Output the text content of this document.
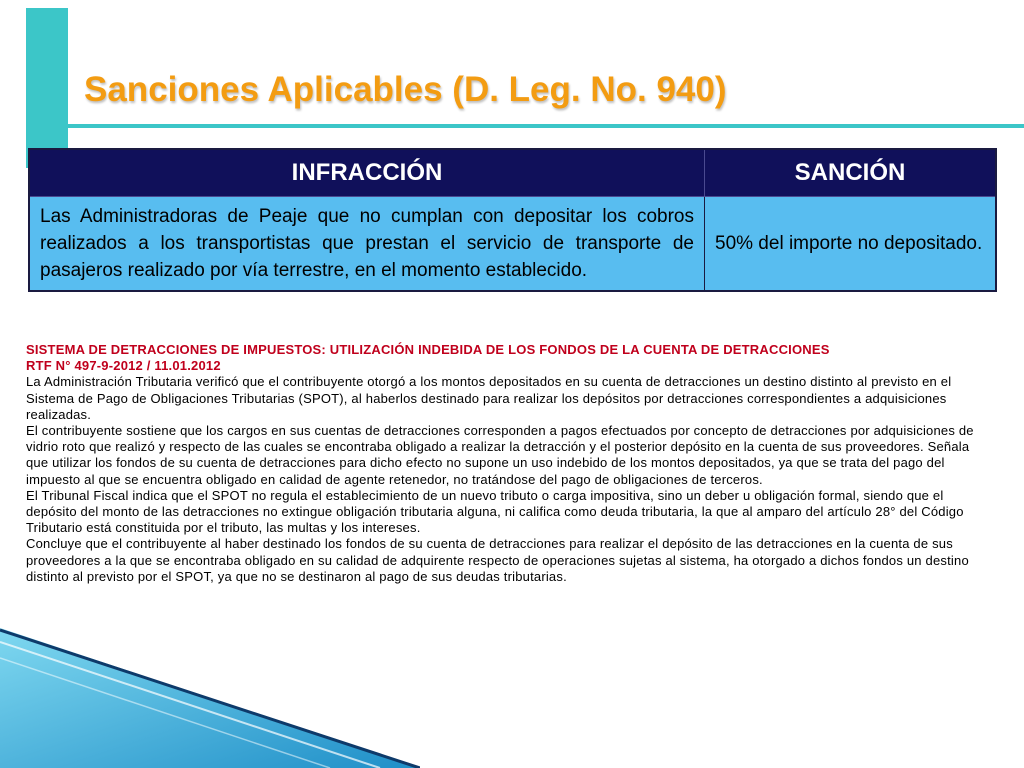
Sanciones Aplicables (D. Leg. No. 940)
INFRACCIÓN	SANCIÓN
Las Administradoras de Peaje que no cumplan con depositar los cobros realizados a los transportistas que prestan el servicio de transporte de pasajeros realizado por vía terrestre, en el momento establecido.	50% del importe no depositado.

SISTEMA DE DETRACCIONES DE IMPUESTOS: UTILIZACIÓN INDEBIDA DE LOS FONDOS DE LA CUENTA DE DETRACCIONES

RTF N° 497-9-2012 / 11.01.2012

La Administración Tributaria verificó que el contribuyente otorgó a los montos depositados en su cuenta de detracciones un destino distinto al previsto en el Sistema de Pago de Obligaciones Tributarias (SPOT), al haberlos destinado para realizar los depósitos por detracciones correspondientes a adquisiciones realizadas.

El contribuyente sostiene que los cargos en sus cuentas de detracciones corresponden a pagos efectuados por concepto de detracciones por adquisiciones de vidrio roto que realizó y respecto de las cuales se encontraba obligado a realizar la detracción y el posterior depósito en la cuenta de sus proveedores. Señala que utilizar los fondos de su cuenta de detracciones para dicho efecto no supone un uso indebido de los montos depositados, ya que se trata del pago del impuesto al que se encuentra obligado en calidad de agente retenedor, no tratándose del pago de obligaciones de terceros.

El Tribunal Fiscal indica que el SPOT no regula el establecimiento de un nuevo tributo o carga impositiva, sino un deber u obligación formal, siendo que el depósito del monto de las detracciones no extingue obligación tributaria alguna, ni califica como deuda tributaria, la que al amparo del artículo 28° del Código Tributario está constituida por el tributo, las multas y los intereses.

Concluye que el contribuyente al haber destinado los fondos de su cuenta de detracciones para realizar el depósito de las detracciones en la cuenta de sus proveedores a la que se encontraba obligado en su calidad de adquirente respecto de operaciones sujetas al sistema, ha otorgado a dichos fondos un destino distinto al previsto por el SPOT, ya que no se destinaron al pago de sus deudas tributarias.
